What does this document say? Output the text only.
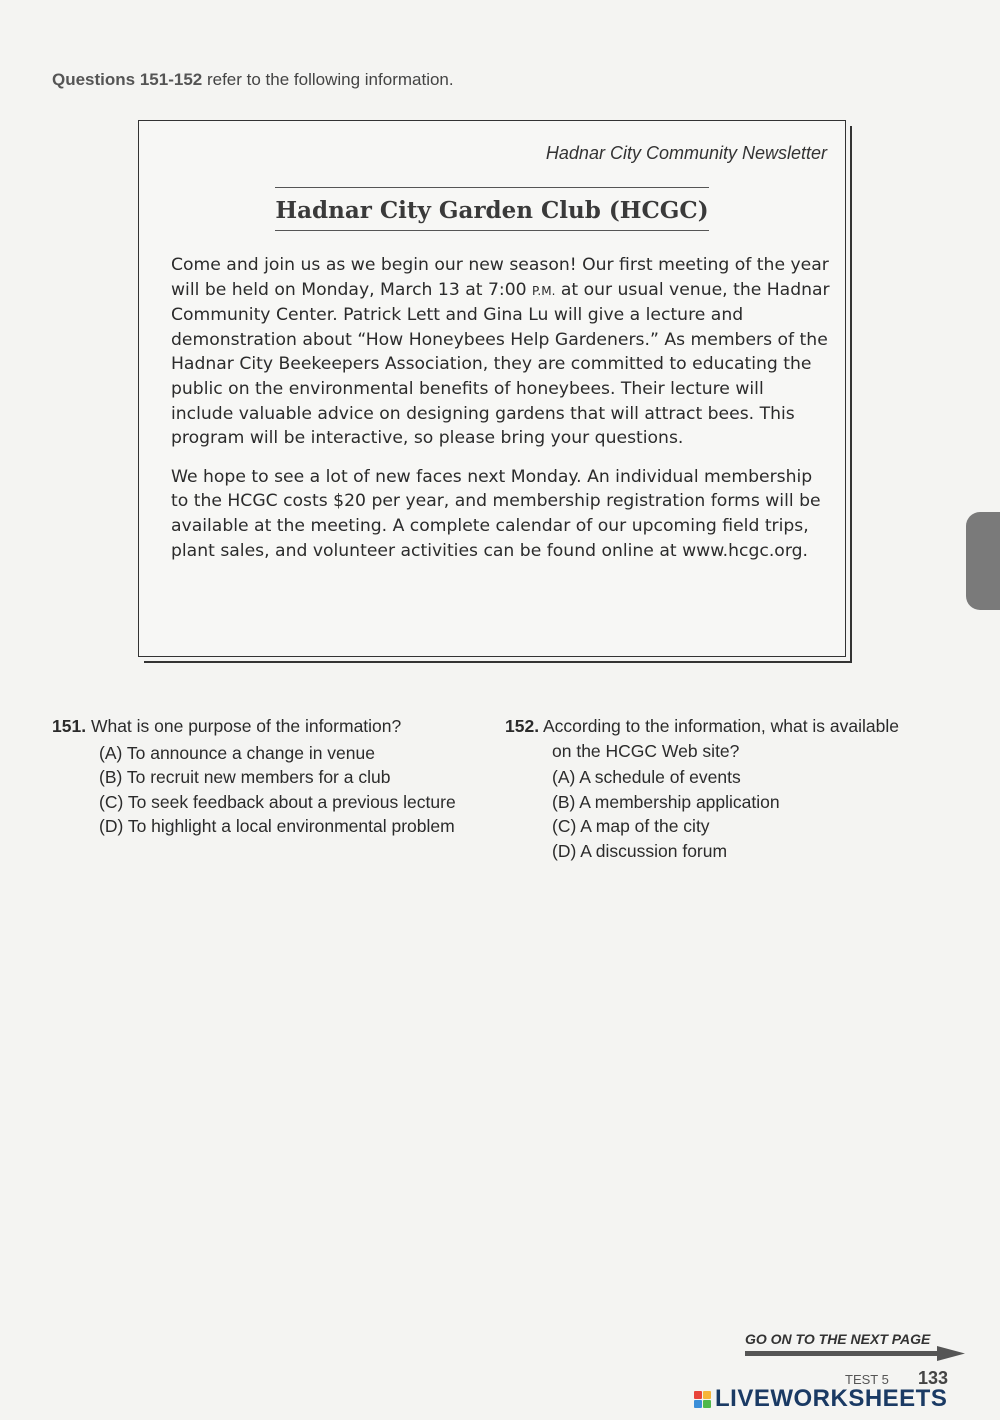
Questions 151-152 refer to the following information.
Hadnar City Community Newsletter
Hadnar City Garden Club (HCGC)

Come and join us as we begin our new season! Our first meeting of the year will be held on Monday, March 13 at 7:00 P.M. at our usual venue, the Hadnar Community Center. Patrick Lett and Gina Lu will give a lecture and demonstration about “How Honeybees Help Gardeners.” As members of the Hadnar City Beekeepers Association, they are committed to educating the public on the environmental benefits of honeybees. Their lecture will include valuable advice on designing gardens that will attract bees. This program will be interactive, so please bring your questions.

We hope to see a lot of new faces next Monday. An individual membership to the HCGC costs $20 per year, and membership registration forms will be available at the meeting. A complete calendar of our upcoming field trips, plant sales, and volunteer activities can be found online at www.hcgc.org.

151. What is one purpose of the information?
(A) To announce a change in venue
(B) To recruit new members for a club
(C) To seek feedback about a previous lecture
(D) To highlight a local environmental problem
152. According to the information, what is available on the HCGC Web site?
(A) A schedule of events
(B) A membership application
(C) A map of the city
(D) A discussion forum
GO ON TO THE NEXT PAGE
TEST 5 133
LIVEWORKSHEETS
